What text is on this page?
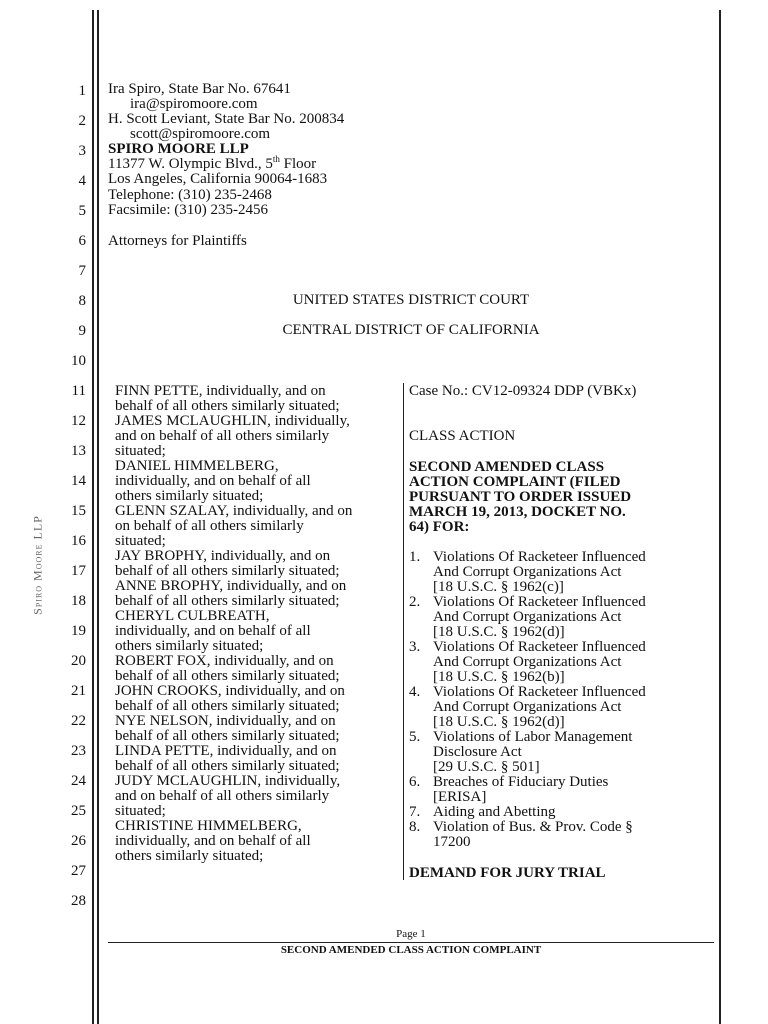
Spiro Moore LLP
1
2
3
4
5
6
7
8
9
10
11
12
13
14
15
16
17
18
19
20
21
22
23
24
25
26
27
28
Ira Spiro, State Bar No. 67641
ira@spiromoore.com
H. Scott Leviant, State Bar No. 200834
scott@spiromoore.com
SPIRO MOORE LLP
11377 W. Olympic Blvd., 5th Floor
Los Angeles, California 90064-1683
Telephone: (310) 235-2468
Facsimile: (310) 235-2456
Attorneys for Plaintiffs
UNITED STATES DISTRICT COURT
CENTRAL DISTRICT OF CALIFORNIA
FINN PETTE, individually, and on
behalf of all others similarly situated;
JAMES MCLAUGHLIN, individually,
and on behalf of all others similarly
situated;
DANIEL HIMMELBERG,
individually, and on behalf of all
others similarly situated;
GLENN SZALAY, individually, and on
on behalf of all others similarly
situated;
JAY BROPHY, individually, and on
behalf of all others similarly situated;
ANNE BROPHY, individually, and on
behalf of all others similarly situated;
CHERYL CULBREATH,
individually, and on behalf of all
others similarly situated;
ROBERT FOX, individually, and on
behalf of all others similarly situated;
JOHN CROOKS, individually, and on
behalf of all others similarly situated;
NYE NELSON, individually, and on
behalf of all others similarly situated;
LINDA PETTE, individually, and on
behalf of all others similarly situated;
JUDY MCLAUGHLIN, individually,
and on behalf of all others similarly
situated;
CHRISTINE HIMMELBERG,
individually, and on behalf of all
others similarly situated;
Case No.: CV12-09324 DDP (VBKx)
CLASS ACTION
SECOND AMENDED CLASS
ACTION COMPLAINT (FILED
PURSUANT TO ORDER ISSUED
MARCH 19, 2013, DOCKET NO.
64) FOR:
1. Violations Of Racketeer Influenced
And Corrupt Organizations Act
[18 U.S.C. § 1962(c)]
2. Violations Of Racketeer Influenced
And Corrupt Organizations Act
[18 U.S.C. § 1962(d)]
3. Violations Of Racketeer Influenced
And Corrupt Organizations Act
[18 U.S.C. § 1962(b)]
4. Violations Of Racketeer Influenced
And Corrupt Organizations Act
[18 U.S.C. § 1962(d)]
5. Violations of Labor Management
Disclosure Act
[29 U.S.C. § 501]
6. Breaches of Fiduciary Duties
[ERISA]
7. Aiding and Abetting
8. Violation of Bus. & Prov. Code §
17200
DEMAND FOR JURY TRIAL
Page 1
SECOND AMENDED CLASS ACTION COMPLAINT
